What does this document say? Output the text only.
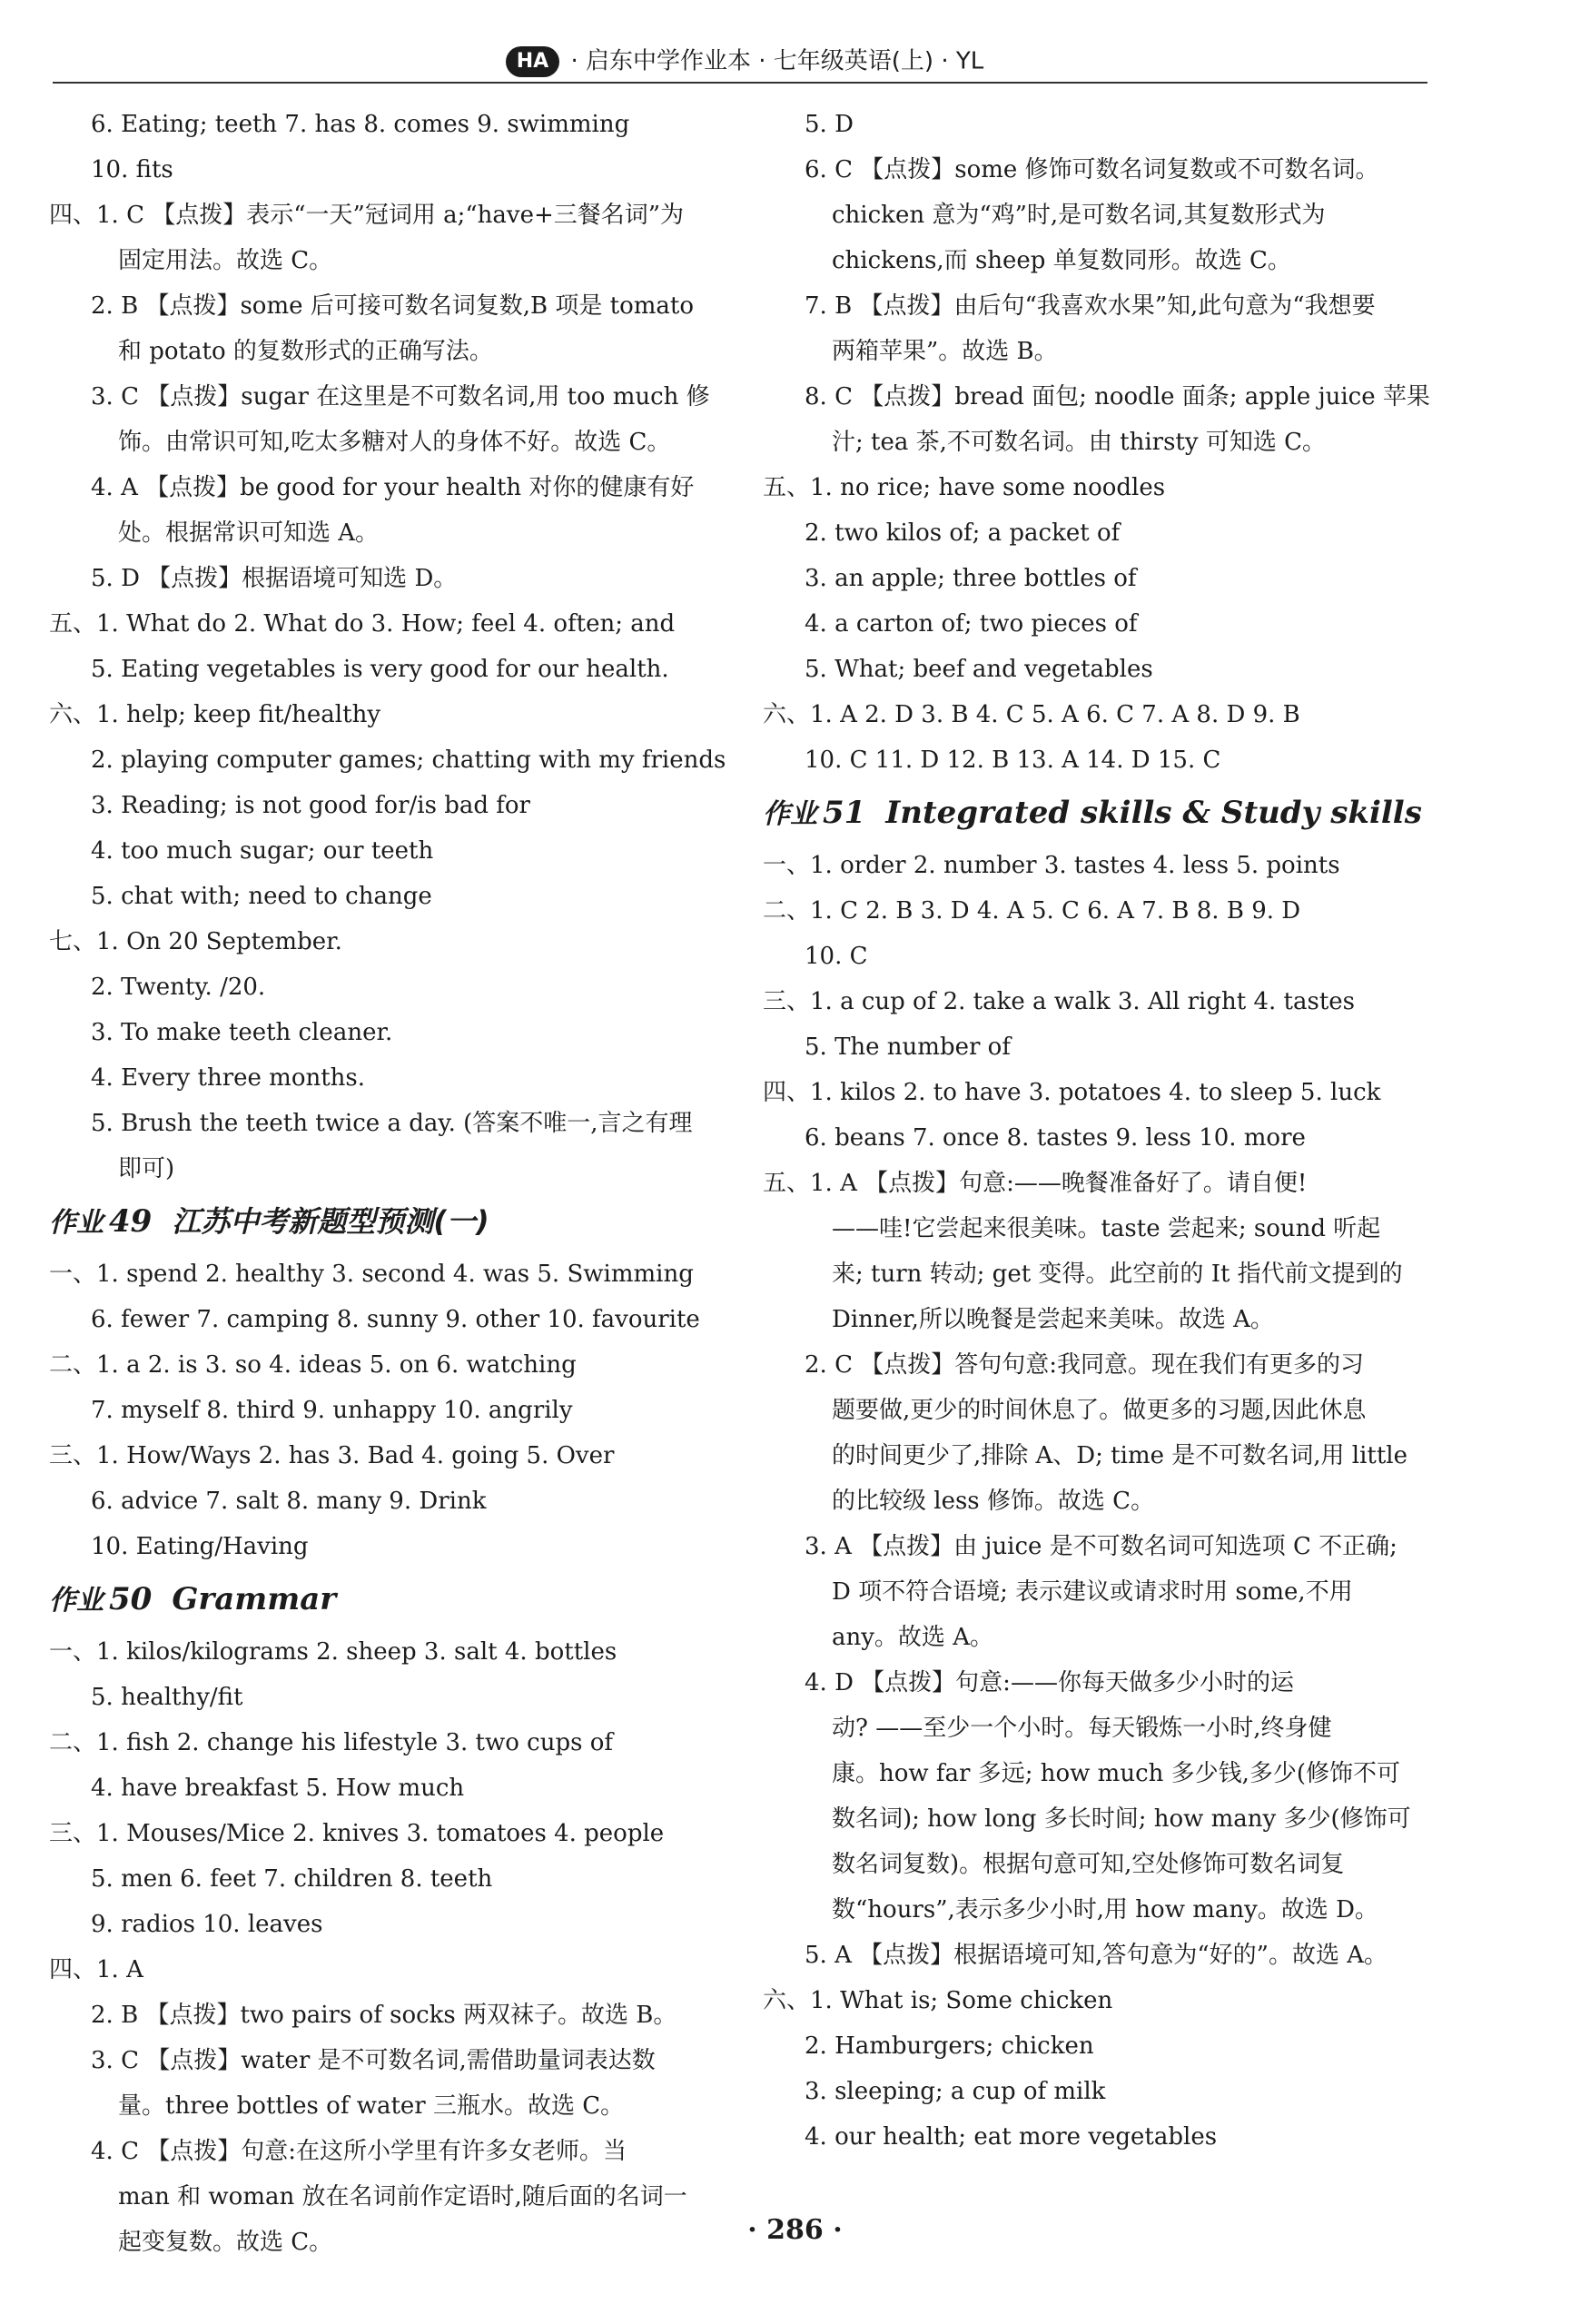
HA · 启东中学作业本 · 七年级英语(上) · YL
6. Eating; teeth 7. has 8. comes 9. swimming
10. fits
四、1. C 【点拨】表示“一天”冠词用 a;“have+三餐名词”为
固定用法。故选 C。
2. B 【点拨】some 后可接可数名词复数,B 项是 tomato
和 potato 的复数形式的正确写法。
3. C 【点拨】sugar 在这里是不可数名词,用 too much 修
饰。由常识可知,吃太多糖对人的身体不好。故选 C。
4. A 【点拨】be good for your health 对你的健康有好
处。根据常识可知选 A。
5. D 【点拨】根据语境可知选 D。
五、1. What do 2. What do 3. How; feel 4. often; and
5. Eating vegetables is very good for our health.
六、1. help; keep fit/healthy
2. playing computer games; chatting with my friends
3. Reading; is not good for/is bad for
4. too much sugar; our teeth
5. chat with; need to change
七、1. On 20 September.
2. Twenty. /20.
3. To make teeth cleaner.
4. Every three months.
5. Brush the teeth twice a day. (答案不唯一,言之有理
即可)
作业 49 江苏中考新题型预测(一)
一、1. spend 2. healthy 3. second 4. was 5. Swimming
6. fewer 7. camping 8. sunny 9. other 10. favourite
二、1. a 2. is 3. so 4. ideas 5. on 6. watching
7. myself 8. third 9. unhappy 10. angrily
三、1. How/Ways 2. has 3. Bad 4. going 5. Over
6. advice 7. salt 8. many 9. Drink
10. Eating/Having
作业 50 Grammar
一、1. kilos/kilograms 2. sheep 3. salt 4. bottles
5. healthy/fit
二、1. fish 2. change his lifestyle 3. two cups of
4. have breakfast 5. How much
三、1. Mouses/Mice 2. knives 3. tomatoes 4. people
5. men 6. feet 7. children 8. teeth
9. radios 10. leaves
四、1. A
2. B 【点拨】two pairs of socks 两双袜子。故选 B。
3. C 【点拨】water 是不可数名词,需借助量词表达数
量。three bottles of water 三瓶水。故选 C。
4. C 【点拨】句意:在这所小学里有许多女老师。当
man 和 woman 放在名词前作定语时,随后面的名词一
起变复数。故选 C。
5. D
6. C 【点拨】some 修饰可数名词复数或不可数名词。
chicken 意为“鸡”时,是可数名词,其复数形式为
chickens,而 sheep 单复数同形。故选 C。
7. B 【点拨】由后句“我喜欢水果”知,此句意为“我想要
两箱苹果”。故选 B。
8. C 【点拨】bread 面包; noodle 面条; apple juice 苹果
汁; tea 茶,不可数名词。由 thirsty 可知选 C。
五、1. no rice; have some noodles
2. two kilos of; a packet of
3. an apple; three bottles of
4. a carton of; two pieces of
5. What; beef and vegetables
六、1. A 2. D 3. B 4. C 5. A 6. C 7. A 8. D 9. B
10. C 11. D 12. B 13. A 14. D 15. C
作业 51 Integrated skills & Study skills
一、1. order 2. number 3. tastes 4. less 5. points
二、1. C 2. B 3. D 4. A 5. C 6. A 7. B 8. B 9. D
10. C
三、1. a cup of 2. take a walk 3. All right 4. tastes
5. The number of
四、1. kilos 2. to have 3. potatoes 4. to sleep 5. luck
6. beans 7. once 8. tastes 9. less 10. more
五、1. A 【点拨】句意:——晚餐准备好了。请自便!
——哇!它尝起来很美味。taste 尝起来; sound 听起
来; turn 转动; get 变得。此空前的 It 指代前文提到的
Dinner,所以晚餐是尝起来美味。故选 A。
2. C 【点拨】答句句意:我同意。现在我们有更多的习
题要做,更少的时间休息了。做更多的习题,因此休息
的时间更少了,排除 A、D; time 是不可数名词,用 little
的比较级 less 修饰。故选 C。
3. A 【点拨】由 juice 是不可数名词可知选项 C 不正确;
D 项不符合语境; 表示建议或请求时用 some,不用
any。故选 A。
4. D 【点拨】句意:——你每天做多少小时的运
动? ——至少一个小时。每天锻炼一小时,终身健
康。how far 多远; how much 多少钱,多少(修饰不可
数名词); how long 多长时间; how many 多少(修饰可
数名词复数)。根据句意可知,空处修饰可数名词复
数“hours”,表示多少小时,用 how many。故选 D。
5. A 【点拨】根据语境可知,答句意为“好的”。故选 A。
六、1. What is; Some chicken
2. Hamburgers; chicken
3. sleeping; a cup of milk
4. our health; eat more vegetables
· 286 ·
